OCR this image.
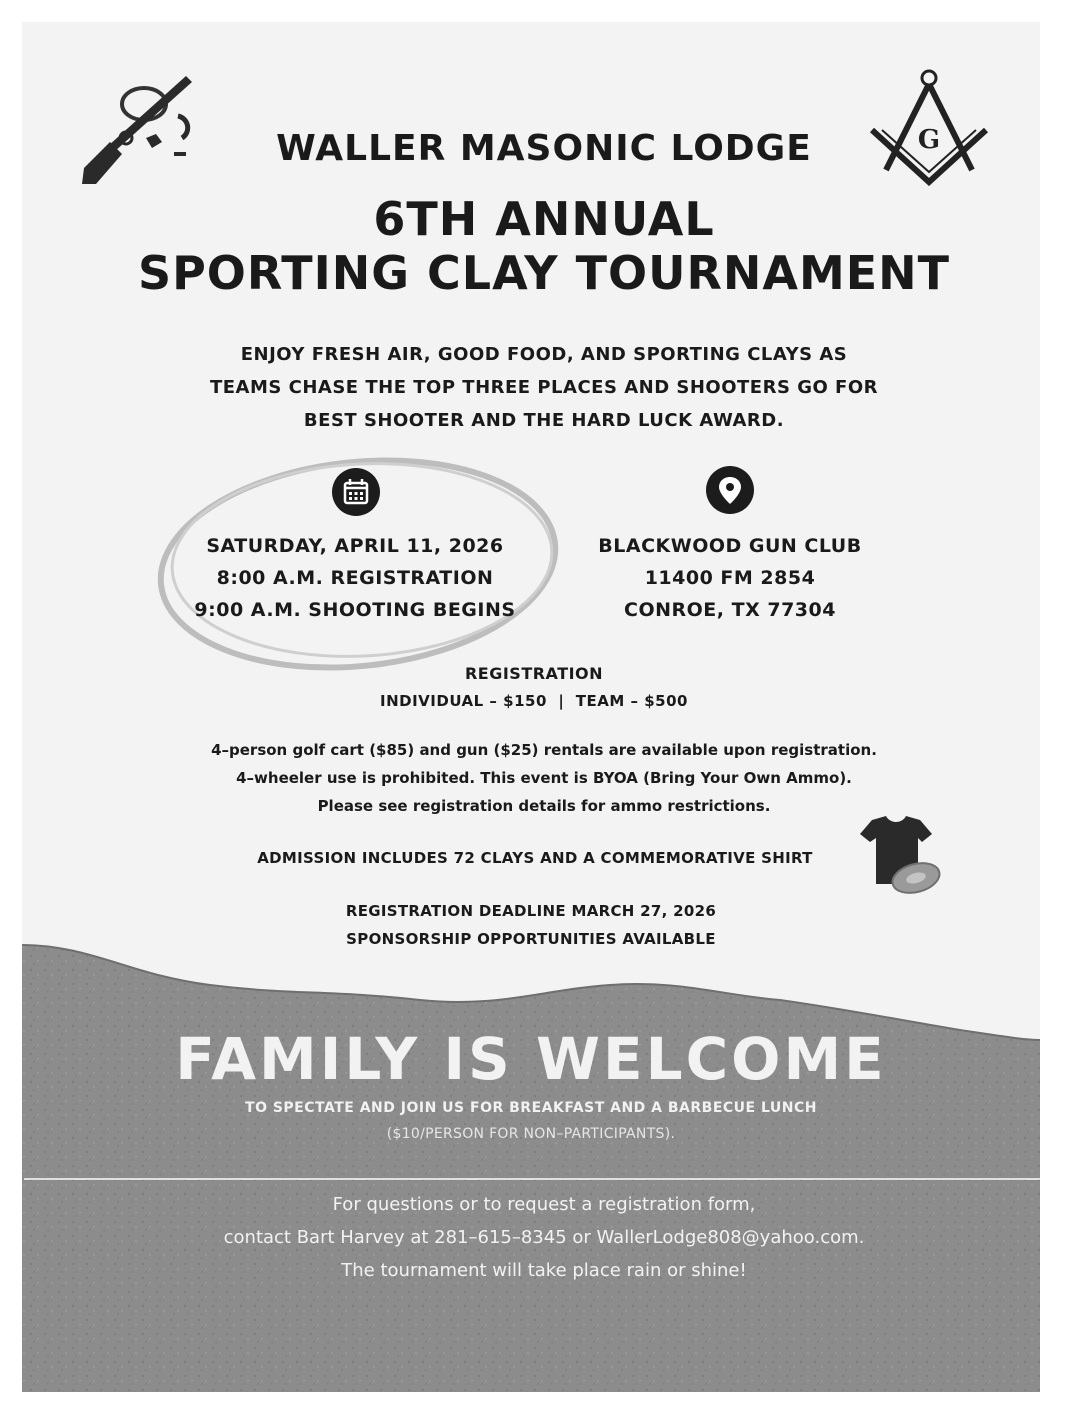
G
WALLER MASONIC LODGE
6TH ANNUAL
SPORTING CLAY TOURNAMENT
ENJOY FRESH AIR, GOOD FOOD, AND SPORTING CLAYS AS
TEAMS CHASE THE TOP THREE PLACES AND SHOOTERS GO FOR
BEST SHOOTER AND THE HARD LUCK AWARD.
SATURDAY, APRIL 11, 2026
8:00 A.M. REGISTRATION
9:00 A.M. SHOOTING BEGINS
BLACKWOOD GUN CLUB
11400 FM 2854
CONROE, TX 77304
REGISTRATION
INDIVIDUAL – $150  |  TEAM – $500
4–person golf cart ($85) and gun ($25) rentals are available upon registration.
4–wheeler use is prohibited. This event is BYOA (Bring Your Own Ammo).
Please see registration details for ammo restrictions.
ADMISSION INCLUDES 72 CLAYS AND A COMMEMORATIVE SHIRT
REGISTRATION DEADLINE MARCH 27, 2026
SPONSORSHIP OPPORTUNITIES AVAILABLE
FAMILY IS WELCOME
TO SPECTATE AND JOIN US FOR BREAKFAST AND A BARBECUE LUNCH
($10/PERSON FOR NON–PARTICIPANTS).
For questions or to request a registration form,
contact Bart Harvey at 281–615–8345 or WallerLodge808@yahoo.com.
The tournament will take place rain or shine!
